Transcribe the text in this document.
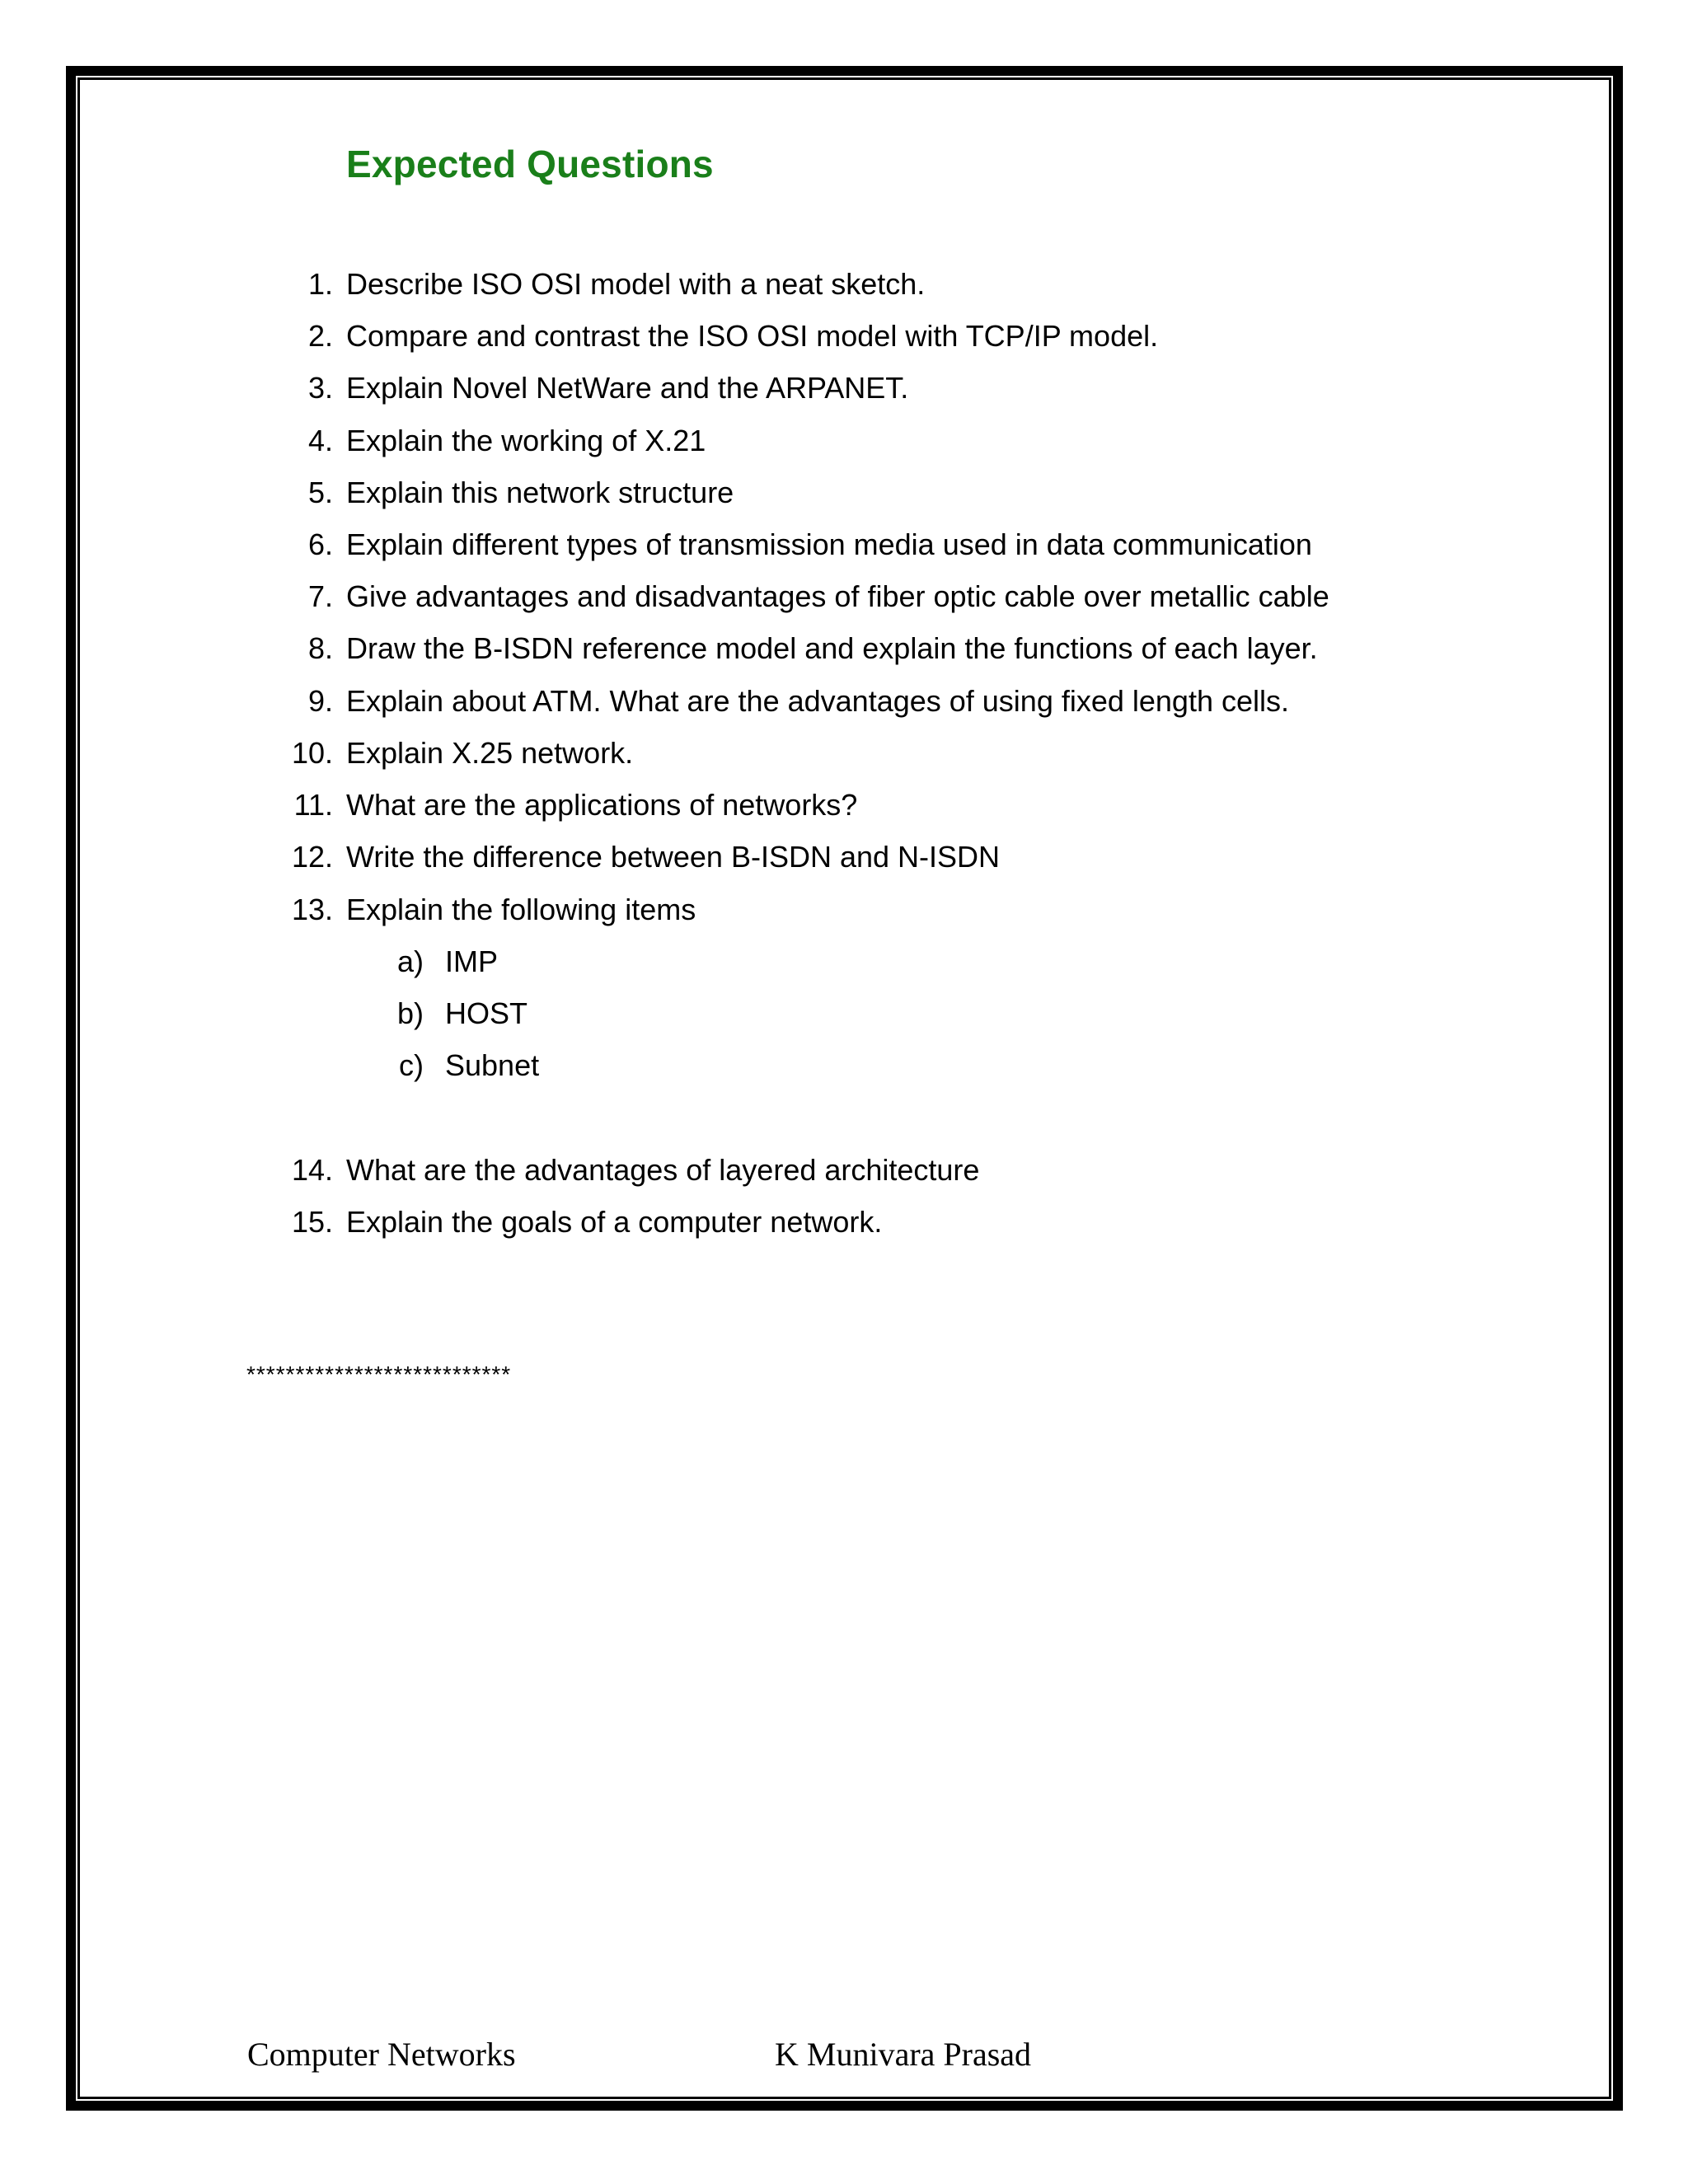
Expected Questions
1. Describe ISO OSI model with a neat sketch.
2. Compare and contrast the ISO OSI model with TCP/IP model.
3. Explain Novel NetWare and the ARPANET.
4. Explain the working of X.21
5. Explain this network structure
6. Explain different types of transmission media used in data communication
7. Give advantages and disadvantages of fiber optic cable over metallic cable
8. Draw the B-ISDN reference model and explain the functions of each layer.
9. Explain about ATM. What are the advantages of using fixed length cells.
10. Explain X.25 network.
11. What are the applications of networks?
12. Write the difference between B-ISDN and N-ISDN
13. Explain the following items
a) IMP
b) HOST
c) Subnet
14. What are the advantages of layered architecture
15. Explain the goals of a computer network.
***************************
Computer Networks	K Munivara Prasad
